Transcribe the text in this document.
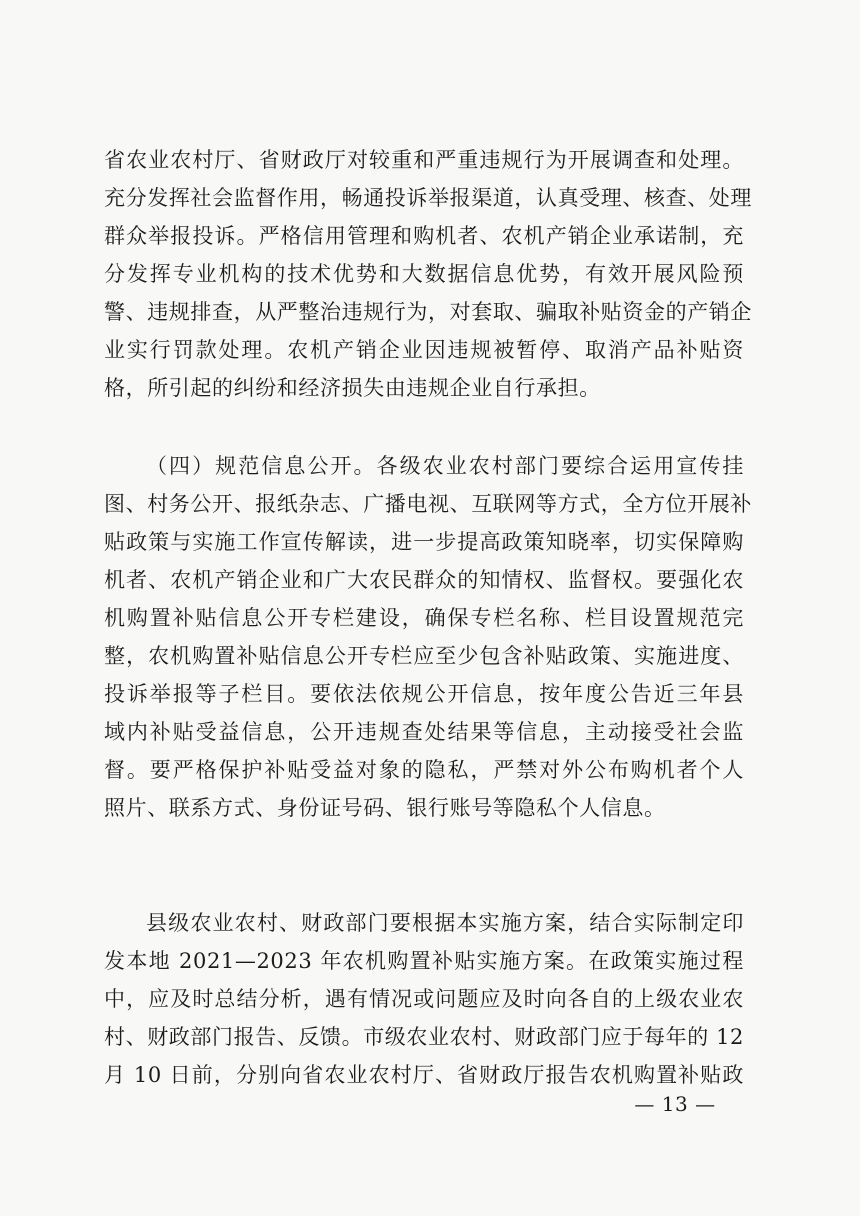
省农业农村厅、省财政厅对较重和严重违规行为开展调查和处理。
充分发挥社会监督作用，畅通投诉举报渠道，认真受理、核查、处理
群众举报投诉。严格信用管理和购机者、农机产销企业承诺制，充
分发挥专业机构的技术优势和大数据信息优势，有效开展风险预
警、违规排查，从严整治违规行为，对套取、骗取补贴资金的产销企
业实行罚款处理。农机产销企业因违规被暂停、取消产品补贴资
格，所引起的纠纷和经济损失由违规企业自行承担。
（四）规范信息公开。各级农业农村部门要综合运用宣传挂
图、村务公开、报纸杂志、广播电视、互联网等方式，全方位开展补
贴政策与实施工作宣传解读，进一步提高政策知晓率，切实保障购
机者、农机产销企业和广大农民群众的知情权、监督权。要强化农
机购置补贴信息公开专栏建设，确保专栏名称、栏目设置规范完
整，农机购置补贴信息公开专栏应至少包含补贴政策、实施进度、
投诉举报等子栏目。要依法依规公开信息，按年度公告近三年县
域内补贴受益信息，公开违规查处结果等信息，主动接受社会监
督。要严格保护补贴受益对象的隐私，严禁对外公布购机者个人
照片、联系方式、身份证号码、银行账号等隐私个人信息。
县级农业农村、财政部门要根据本实施方案，结合实际制定印
发本地 2021—2023 年农机购置补贴实施方案。在政策实施过程
中，应及时总结分析，遇有情况或问题应及时向各自的上级农业农
村、财政部门报告、反馈。市级农业农村、财政部门应于每年的 12
月 10 日前，分别向省农业农村厅、省财政厅报告农机购置补贴政
— 13 —
